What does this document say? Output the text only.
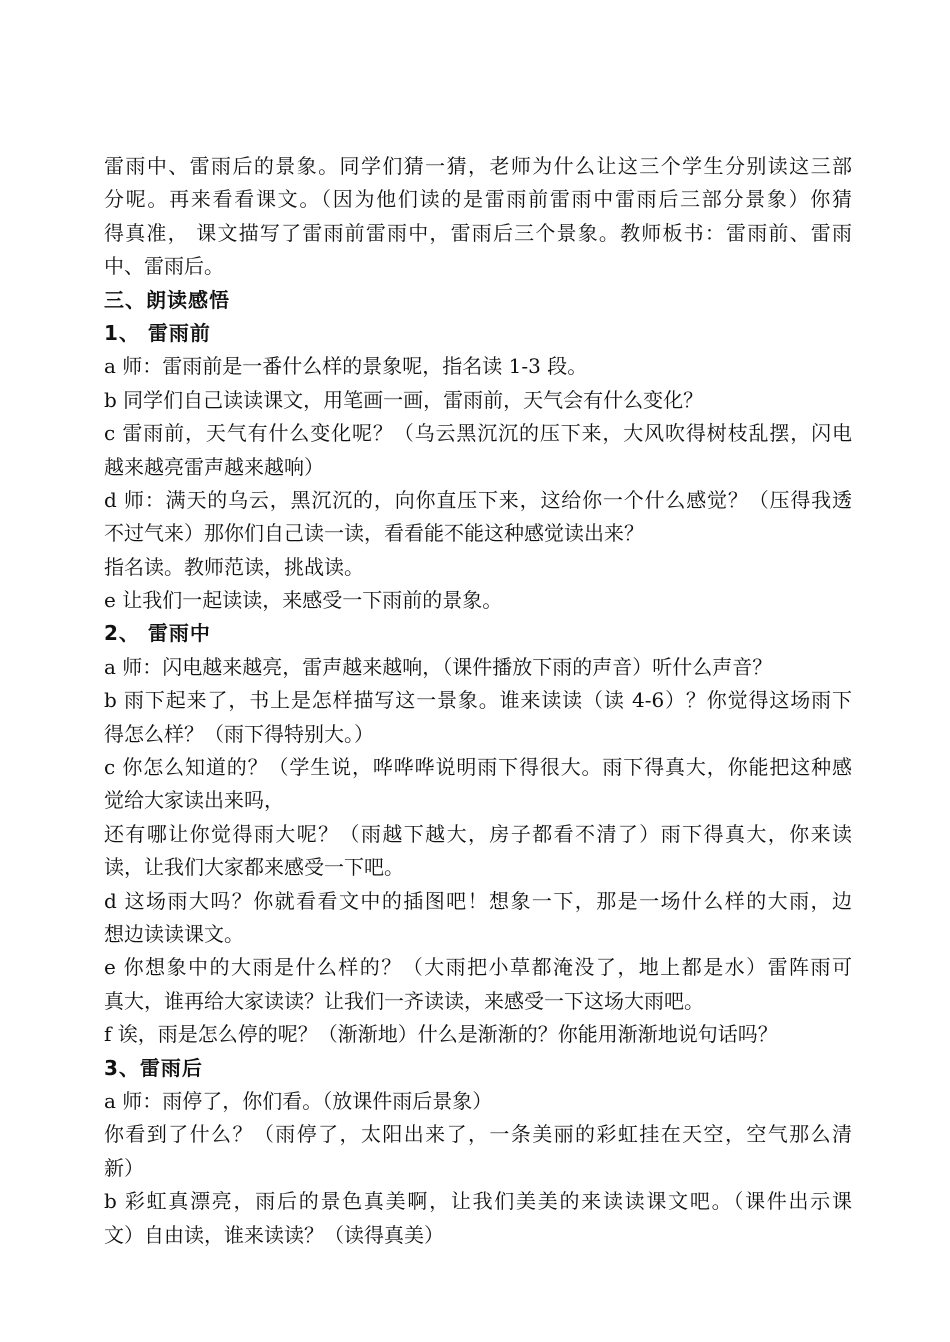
雷雨中、雷雨后的景象。同学们猜一猜，老师为什么让这三个学生分别读这三部
分呢。再来看看课文。（因为他们读的是雷雨前雷雨中雷雨后三部分景象）你猜
得真准， 课文描写了雷雨前雷雨中，雷雨后三个景象。教师板书：雷雨前、雷雨
中、雷雨后。
三、朗读感悟
1、 雷雨前
a 师：雷雨前是一番什么样的景象呢，指名读 1-3 段。
b 同学们自己读读课文，用笔画一画，雷雨前，天气会有什么变化？
c 雷雨前，天气有什么变化呢？（乌云黑沉沉的压下来，大风吹得树枝乱摆，闪电
越来越亮雷声越来越响）
d 师：满天的乌云，黑沉沉的，向你直压下来，这给你一个什么感觉？（压得我透
不过气来）那你们自己读一读，看看能不能这种感觉读出来？
指名读。教师范读，挑战读。
e 让我们一起读读，来感受一下雨前的景象。
2、 雷雨中
a 师：闪电越来越亮，雷声越来越响，（课件播放下雨的声音）听什么声音？
b 雨下起来了，书上是怎样描写这一景象。谁来读读（读 4-6）？你觉得这场雨下
得怎么样？（雨下得特别大。）
c 你怎么知道的？（学生说，哗哗哗说明雨下得很大。雨下得真大，你能把这种感
觉给大家读出来吗，
还有哪让你觉得雨大呢？（雨越下越大，房子都看不清了）雨下得真大，你来读
读，让我们大家都来感受一下吧。
d 这场雨大吗？你就看看文中的插图吧！想象一下，那是一场什么样的大雨，边
想边读读课文。
e 你想象中的大雨是什么样的？（大雨把小草都淹没了，地上都是水）雷阵雨可
真大，谁再给大家读读？让我们一齐读读，来感受一下这场大雨吧。
f 诶，雨是怎么停的呢？（渐渐地）什么是渐渐的？你能用渐渐地说句话吗？
3、雷雨后
a 师：雨停了，你们看。（放课件雨后景象）
你看到了什么？（雨停了，太阳出来了，一条美丽的彩虹挂在天空，空气那么清
新）
b 彩虹真漂亮，雨后的景色真美啊，让我们美美的来读读课文吧。（课件出示课
文）自由读，谁来读读？（读得真美）
